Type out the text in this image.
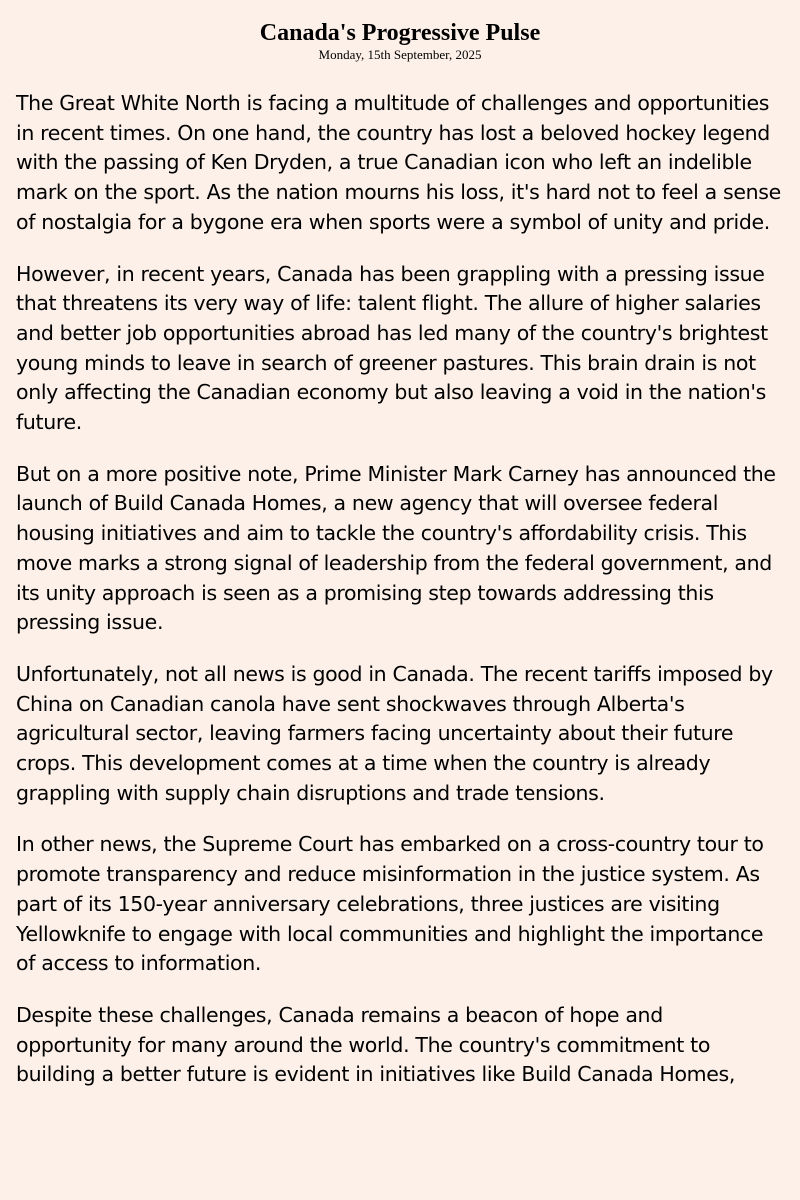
Canada's Progressive Pulse
Monday, 15th September, 2025

The Great White North is facing a multitude of challenges and opportunities in recent times. On one hand, the country has lost a beloved hockey legend with the passing of Ken Dryden, a true Canadian icon who left an indelible mark on the sport. As the nation mourns his loss, it's hard not to feel a sense of nostalgia for a bygone era when sports were a symbol of unity and pride.

However, in recent years, Canada has been grappling with a pressing issue that threatens its very way of life: talent flight. The allure of higher salaries and better job opportunities abroad has led many of the country's brightest young minds to leave in search of greener pastures. This brain drain is not only affecting the Canadian economy but also leaving a void in the nation's future.

But on a more positive note, Prime Minister Mark Carney has announced the launch of Build Canada Homes, a new agency that will oversee federal housing initiatives and aim to tackle the country's affordability crisis. This move marks a strong signal of leadership from the federal government, and its unity approach is seen as a promising step towards addressing this pressing issue.

Unfortunately, not all news is good in Canada. The recent tariffs imposed by China on Canadian canola have sent shockwaves through Alberta's agricultural sector, leaving farmers facing uncertainty about their future crops. This development comes at a time when the country is already grappling with supply chain disruptions and trade tensions.

In other news, the Supreme Court has embarked on a cross-country tour to promote transparency and reduce misinformation in the justice system. As part of its 150-year anniversary celebrations, three justices are visiting Yellowknife to engage with local communities and highlight the importance of access to information.

Despite these challenges, Canada remains a beacon of hope and opportunity for many around the world. The country's commitment to building a better future is evident in initiatives like Build Canada Homes,
